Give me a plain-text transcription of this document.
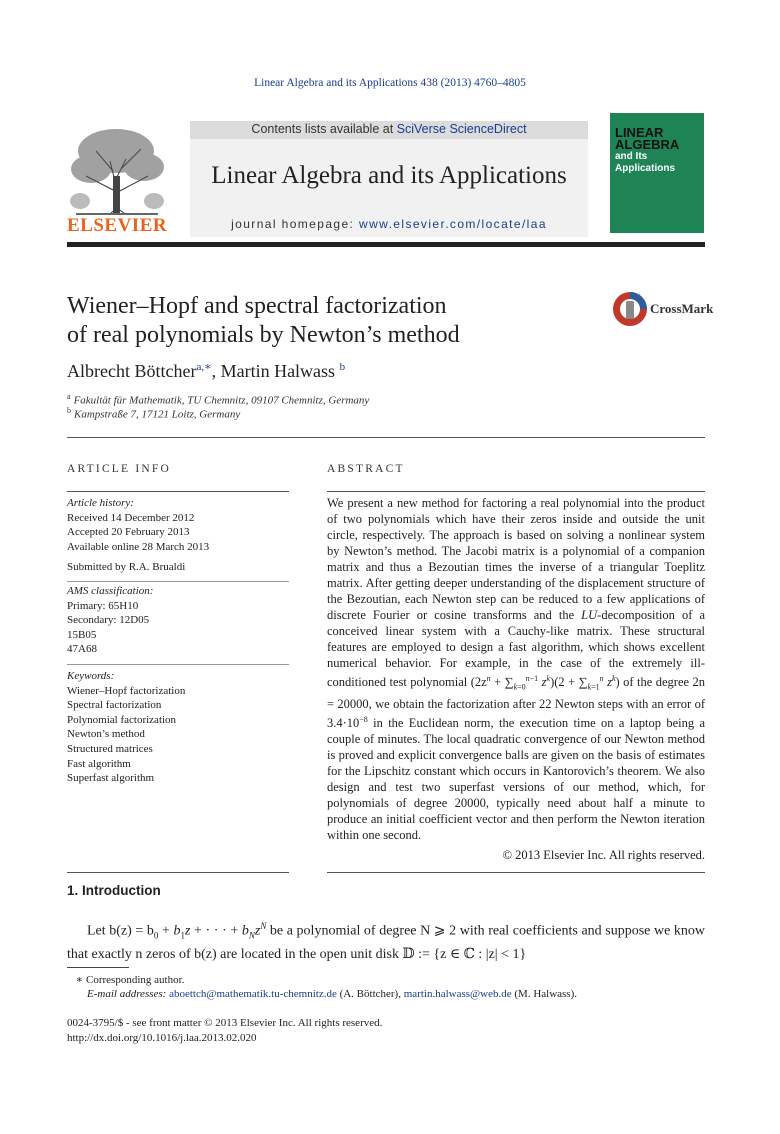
Linear Algebra and its Applications 438 (2013) 4760–4805
ELSEVIER
Contents lists available at SciVerse ScienceDirect
Linear Algebra and its Applications
journal homepage: www.elsevier.com/locate/laa
LINEAR
ALGEBRA
and Its
Applications
Wiener–Hopf and spectral factorization
of real polynomials by Newton’s method
CrossMark
Albrecht Böttcher$^{a,∗}$, Martin Halwass $^b$
$^a$ Fakultät für Mathematik, TU Chemnitz, 09107 Chemnitz, Germany
$^b$ Kampstraße 7, 17121 Loitz, Germany
ARTICLE INFO
Article history:
Received 14 December 2012
Accepted 20 February 2013
Available online 28 March 2013
Submitted by R.A. Brualdi
AMS classification:
Primary: 65H10
Secondary: 12D05
15B05
47A68
Keywords:
Wiener–Hopf factorization
Spectral factorization
Polynomial factorization
Newton’s method
Structured matrices
Fast algorithm
Superfast algorithm
ABSTRACT
We present a new method for factoring a real polynomial into the product of two polynomials which have their zeros inside and outside the unit circle, respectively. The approach is based on solving a nonlinear system by Newton’s method. The Jacobi matrix is a polynomial of a companion matrix and thus a Bezoutian times the inverse of a triangular Toeplitz matrix. After getting deeper understanding of the displacement structure of the Bezoutian, each Newton step can be reduced to a few applications of discrete Fourier or cosine transforms and the LU-decomposition of a conceived linear system with a Cauchy-like matrix. These structural features are employed to design a fast algorithm, which shows excellent numerical behavior. For example, in the case of the extremely ill-conditioned test polynomial ($2z^n + \sum_{k=0}^{n-1}$ $z^k)(2 + \sum_{k=1}^n$ $z^k$) of the degree 2n = 20000, we obtain the factorization after 22 Newton steps with an error of $3.4\cdot 10^{-8}$ in the Euclidean norm, the execution time on a laptop being a couple of minutes. The local quadratic convergence of our Newton method is proved and explicit convergence balls are given on the basis of estimates for the Lipschitz constant which occurs in Kantorovich’s theorem. We also design and test two superfast versions of our method, which, for polynomials of degree 20000, typically need about half a minute to produce an initial coefficient vector and then perform the Newton iteration within one second.
© 2013 Elsevier Inc. All rights reserved.
1. Introduction
Let $b(z) = b_0 + b_1z$ + · · · + $b_Nz^N$ be a polynomial of degree N ⩾ 2 with real coefficients and suppose we know that exactly n zeros of b(z) are located in the open unit disk 𝔻 := {z ∈ ℂ : |z| < 1}
∗ Corresponding author.
E-mail addresses: aboettch@mathematik.tu-chemnitz.de (A. Böttcher), martin.halwass@web.de (M. Halwass).
0024-3795/$ - see front matter © 2013 Elsevier Inc. All rights reserved.
http://dx.doi.org/10.1016/j.laa.2013.02.020
